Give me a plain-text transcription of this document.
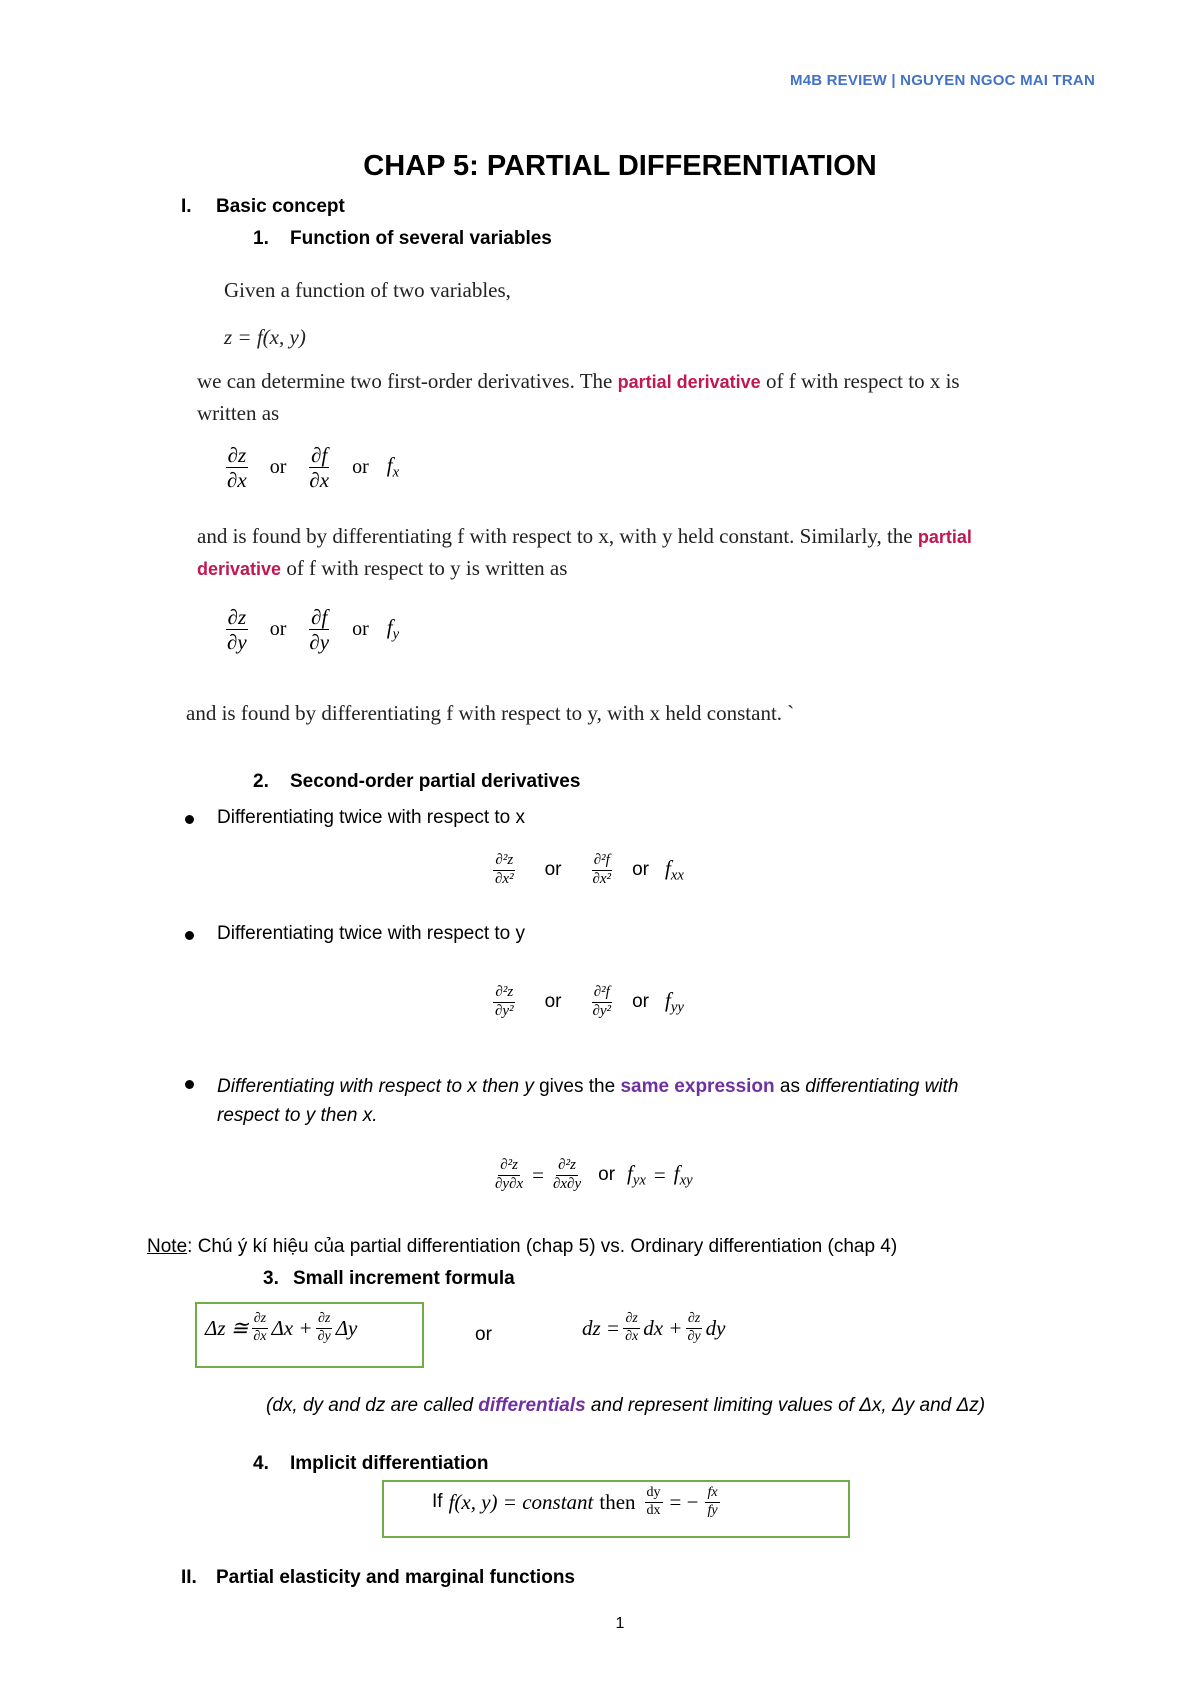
M4B REVIEW | NGUYEN NGOC MAI TRAN
CHAP 5: PARTIAL DIFFERENTIATION
I. Basic concept
1. Function of several variables
Given a function of two variables,
z = f(x, y)
we can determine two first-order derivatives. The partial derivative of f with respect to x is
written as
$\frac{\partial z}{\partial x}$ or $\frac{\partial f}{\partial x}$ or $f_x$
and is found by differentiating f with respect to x, with y held constant. Similarly, the partial
derivative of f with respect to y is written as
$\frac{\partial z}{\partial y}$ or $\frac{\partial f}{\partial y}$ or $f_y$
and is found by differentiating f with respect to y, with x held constant. ˋ
2. Second-order partial derivatives
Differentiating twice with respect to x
$\frac{\text{∂²z}}{\text{∂x²}}$ or $\frac{\text{∂²f}}{\text{∂x²}}$ or $f_{xx}$
Differentiating twice with respect to y
$\frac{\text{∂²z}}{\text{∂y²}}$ or $\frac{\text{∂²f}}{\text{∂y²}}$ or $f_{yy}$
Differentiating with respect to x then y gives the same expression as differentiating with
respect to y then x.
$\frac{\text{∂²z}}{\partial y\partial x} = \frac{\text{∂²z}}{\partial x\partial y}$ or $f_{yx} = f_{xy}$
Note: Chú ý kí hiệu của partial differentiation (chap 5) vs. Ordinary differentiation (chap 4)
3. Small increment formula
Δz ≅ $\frac{\partial z}{\partial x}$ $\Delta x + \frac{\partial z}{\partial y}$ Δy	or	dz = $\frac{\partial z}{\partial x}$ dx + $\frac{\partial z}{\partial y}$ dy
(dx, dy and dz are called differentials and represent limiting values of Δx, Δy and Δz)
4. Implicit differentiation
If f(x, y) = constant then $\frac{dy}{dx}$ = − $\frac{fx}{fy}$
II. Partial elasticity and marginal functions
1
